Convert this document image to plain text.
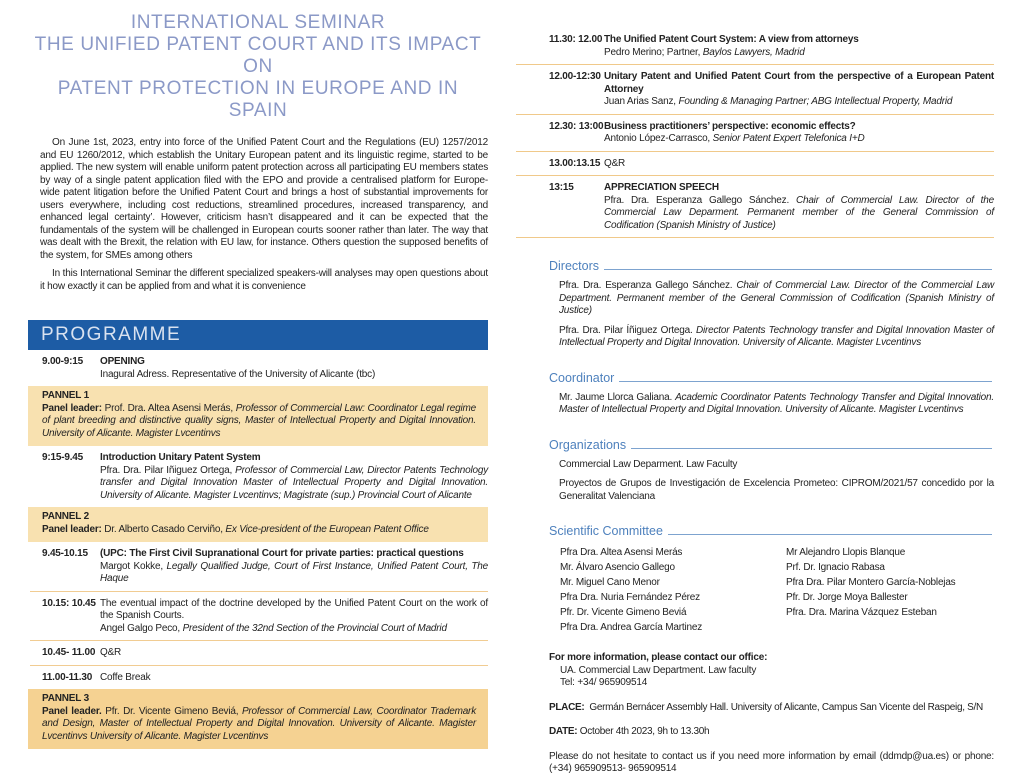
INTERNATIONAL SEMINAR
THE UNIFIED PATENT COURT AND ITS IMPACT ON
PATENT PROTECTION IN EUROPE AND IN SPAIN

On June 1st, 2023, entry into force of the Unified Patent Court and the Regulations (EU) 1257/2012 and EU 1260/2012, which establish the Unitary European patent and its linguistic regime, started to be applied. The new system will enable uniform patent protection across all participating EU members states by way of a single patent application filed with the EPO and provide a centralised platform for Europe-wide patent litigation before the Unified Patent Court and brings a host of substantial improvements for users everywhere, including cost reductions, streamlined procedures, increased transparency, and enhanced legal certainty’. However, criticism hasn’t disappeared and it can be expected that the fundamentals of the system will be challenged in European courts sooner rather than later. The way that was dealt with the Brexit, the relation with EU law, for instance. Others question the supposed benefits of the system, for SMEs among others

In this International Seminar the different specialized speakers-will analyses may open questions about it how exactly it can be applied from and what it is convenience

PROGRAMME
9.00-9:15	OPENING
Inagural Adress. Representative of the University of Alicante (tbc)
PANNEL 1
Panel leader: Prof. Dra. Altea Asensi Merás, Professor of Commercial Law: Coordinator Legal regime of plant breeding and distinctive quality signs, Master of Intellectual Property and Digital Innovation. University of Alicante. Magister Lvcentinvs
9:15-9.45	Introduction Unitary Patent System
Pfra. Dra. Pilar Iñiguez Ortega, Professor of Commercial Law, Director Patents Technology transfer and Digital Innovation Master of Intellectual Property and Digital Innovation. University of Alicante. Magister Lvcentinvs; Magistrate (sup.) Provincial Court of Alicante
PANNEL 2
Panel leader: Dr. Alberto Casado Cerviño, Ex Vice-president of the European Patent Office
9.45-10.15	(UPC: The First Civil Supranational Court for private parties: practical questions
Margot Kokke, Legally Qualified Judge, Court of First Instance, Unified Patent Court, The Haque
10.15: 10.45 The eventual impact of the doctrine developed by the Unified Patent Court on the work of the Spanish Courts.
Angel Galgo Peco, President of the 32nd Section of the Provincial Court of Madrid
10.45- 11.00 Q&R
11.00-11.30 Coffe Break
PANNEL 3
Panel leader. Pfr. Dr. Vicente Gimeno Beviá, Professor of Commercial Law, Coordinator Trademark and Design, Master of Intellectual Property and Digital Innovation. University of Alicante. Magister Lvcentinvs University of Alicante. Magister Lvcentinvs
11.30: 12.00 The Unified Patent Court System: A view from attorneys
Pedro Merino; Partner, Baylos Lawyers, Madrid
12.00-12:30 Unitary Patent and Unified Patent Court from the perspective of a European Patent Attorney
Juan Arias Sanz, Founding & Managing Partner; ABG Intellectual Property, Madrid
12.30: 13:00 Business practitioners’ perspective: economic effects?
Antonio López-Carrasco, Senior Patent Expert Telefonica I+D
13.00:13.15 Q&R
13:15	APPRECIATION SPEECH
Pfra. Dra. Esperanza Gallego Sánchez. Chair of Commercial Law. Director of the Commercial Law Deparment. Permanent member of the General Commission of Codification (Spanish Ministry of Justice)
Directors
Pfra. Dra. Esperanza Gallego Sánchez. Chair of Commercial Law. Director of the Commercial Law Department. Permanent member of the General Commission of Codification (Spanish Ministry of Justice)
Pfra. Dra. Pilar Íñiguez Ortega. Director Patents Technology transfer and Digital Innovation Master of Intellectual Property and Digital Innovation. University of Alicante. Magister Lvcentinvs
Coordinator
Mr. Jaume Llorca Galiana. Academic Coordinator Patents Technology Transfer and Digital Innovation. Master of Intellectual Property and Digital Innovation. University of Alicante. Magister Lvcentinvs
Organizations
Commercial Law Deparment. Law Faculty
Proyectos de Grupos de Investigación de Excelencia Prometeo: CIPROM/2021/57 concedido por la Generalitat Valenciana
Scientific Committee
Pfra Dra. Altea Asensi Merás
Mr. Álvaro Asencio Gallego
Mr. Miguel Cano Menor
Pfra Dra. Nuria Fernández Pérez
Pfr. Dr. Vicente Gimeno Beviá
Pfra Dra. Andrea García Martinez
Mr Alejandro Llopis Blanque
Prf. Dr. Ignacio Rabasa
Pfra Dra. Pilar Montero García-Noblejas
Pfr. Dr. Jorge Moya Ballester
Pfra. Dra. Marina Vázquez Esteban
For more information, please contact our office:
UA. Commercial Law Department. Law faculty
Tel: +34/ 965909514
PLACE:  Germán Bernácer Assembly Hall. University of Alicante, Campus San Vicente del Raspeig, S/N
DATE: October 4th 2023, 9h to 13.30h
Please do not hesitate to contact us if you need more information by email (ddmdp@ua.es) or phone: (+34) 965909513- 965909514
